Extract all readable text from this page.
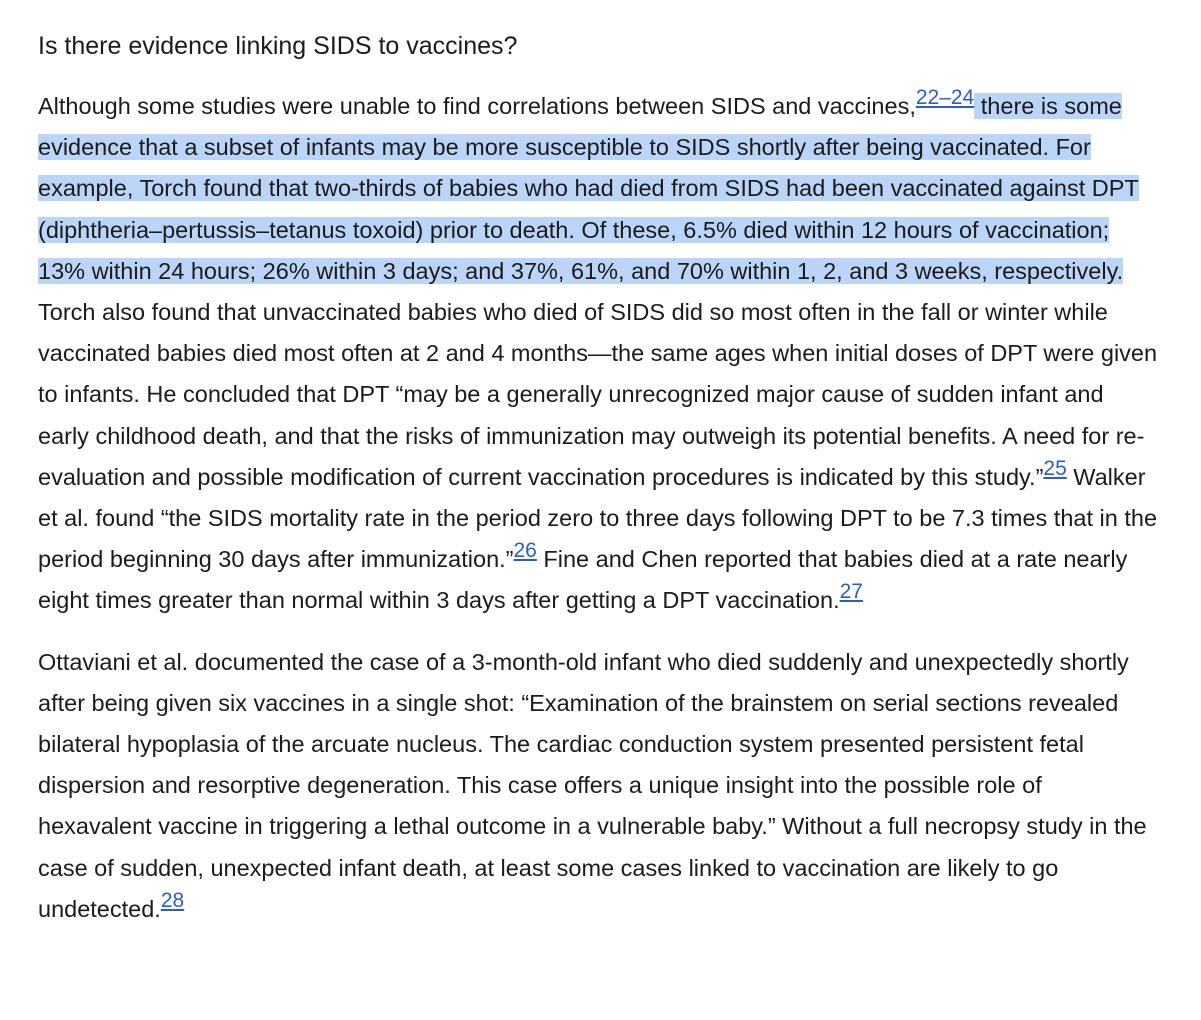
Is there evidence linking SIDS to vaccines?

Although some studies were unable to find correlations between SIDS and vaccines,$^{22-24}$ there is some evidence that a subset of infants may be more susceptible to SIDS shortly after being vaccinated. For example, Torch found that two-thirds of babies who had died from SIDS had been vaccinated against DPT (diphtheria–pertussis–tetanus toxoid) prior to death. Of these, 6.5% died within 12 hours of vaccination; 13% within 24 hours; 26% within 3 days; and 37%, 61%, and 70% within 1, 2, and 3 weeks, respectively. Torch also found that unvaccinated babies who died of SIDS did so most often in the fall or winter while vaccinated babies died most often at 2 and 4 months—the same ages when initial doses of DPT were given to infants. He concluded that DPT “may be a generally unrecognized major cause of sudden infant and early childhood death, and that the risks of immunization may outweigh its potential benefits. A need for re-evaluation and possible modification of current vaccination procedures is indicated by this study.”$^{25}$ Walker et al. found “the SIDS mortality rate in the period zero to three days following DPT to be 7.3 times that in the period beginning 30 days after immunization.”$^{26}$ Fine and Chen reported that babies died at a rate nearly eight times greater than normal within 3 days after getting a DPT vaccination.$^{27}$

Ottaviani et al. documented the case of a 3-month-old infant who died suddenly and unexpectedly shortly after being given six vaccines in a single shot: “Examination of the brainstem on serial sections revealed bilateral hypoplasia of the arcuate nucleus. The cardiac conduction system presented persistent fetal dispersion and resorptive degeneration. This case offers a unique insight into the possible role of hexavalent vaccine in triggering a lethal outcome in a vulnerable baby.” Without a full necropsy study in the case of sudden, unexpected infant death, at least some cases linked to vaccination are likely to go undetected.$^{28}$
